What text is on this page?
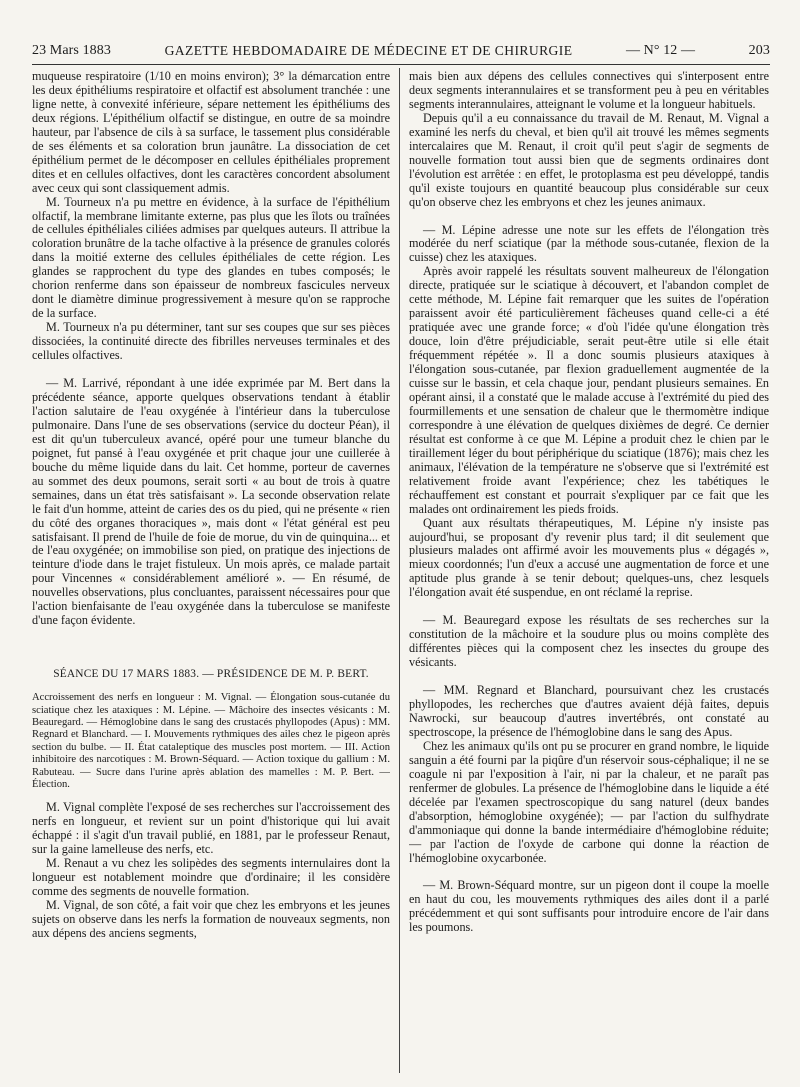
23 Mars 1883	GAZETTE HEBDOMADAIRE DE MÉDECINE ET DE CHIRURGIE	— N° 12 —	203

muqueuse respiratoire (1/10 en moins environ); 3° la démarcation entre les deux épithéliums respiratoire et olfactif est absolument tranchée : une ligne nette, à convexité inférieure, sépare nettement les épithéliums des deux régions. L'épithélium olfactif se distingue, en outre de sa moindre hauteur, par l'absence de cils à sa surface, le tassement plus considérable de ses éléments et sa coloration brun jaunâtre. La dissociation de cet épithélium permet de le décomposer en cellules épithéliales proprement dites et en cellules olfactives, dont les caractères concordent absolument avec ceux qui sont classiquement admis.

M. Tourneux n'a pu mettre en évidence, à la surface de l'épithélium olfactif, la membrane limitante externe, pas plus que les îlots ou traînées de cellules épithéliales ciliées admises par quelques auteurs. Il attribue la coloration brunâtre de la tache olfactive à la présence de granules colorés dans la moitié externe des cellules épithéliales de cette région. Les glandes se rapprochent du type des glandes en tubes composés; le chorion renferme dans son épaisseur de nombreux fascicules nerveux dont le diamètre diminue progressivement à mesure qu'on se rapproche de la surface.

M. Tourneux n'a pu déterminer, tant sur ses coupes que sur ses pièces dissociées, la continuité directe des fibrilles nerveuses terminales et des cellules olfactives.

— M. Larrivé, répondant à une idée exprimée par M. Bert dans la précédente séance, apporte quelques observations tendant à établir l'action salutaire de l'eau oxygénée à l'intérieur dans la tuberculose pulmonaire. Dans l'une de ses observations (service du docteur Péan), il est dit qu'un tuberculeux avancé, opéré pour une tumeur blanche du poignet, fut pansé à l'eau oxygénée et prit chaque jour une cuillerée à bouche du même liquide dans du lait. Cet homme, porteur de cavernes au sommet des deux poumons, serait sorti « au bout de trois à quatre semaines, dans un état très satisfaisant ». La seconde observation relate le fait d'un homme, atteint de caries des os du pied, qui ne présente « rien du côté des organes thoraciques », mais dont « l'état général est peu satisfaisant. Il prend de l'huile de foie de morue, du vin de quinquina... et de l'eau oxygénée; on immobilise son pied, on pratique des injections de teinture d'iode dans le trajet fistuleux. Un mois après, ce malade partait pour Vincennes « considérablement amélioré ». — En résumé, de nouvelles observations, plus concluantes, paraissent nécessaires pour que l'action bienfaisante de l'eau oxygénée dans la tuberculose se manifeste d'une façon évidente.

SÉANCE DU 17 MARS 1883. — PRÉSIDENCE DE M. P. BERT.

Accroissement des nerfs en longueur : M. Vignal. — Élongation sous-cutanée du sciatique chez les ataxiques : M. Lépine. — Mâchoire des insectes vésicants : M. Beauregard. — Hémoglobine dans le sang des crustacés phyllopodes (Apus) : MM. Regnard et Blanchard. — I. Mouvements rythmiques des ailes chez le pigeon après section du bulbe. — II. État cataleptique des muscles post mortem. — III. Action inhibitoire des narcotiques : M. Brown-Séquard. — Action toxique du gallium : M. Rabuteau. — Sucre dans l'urine après ablation des mamelles : M. P. Bert. — Élection.

M. Vignal complète l'exposé de ses recherches sur l'accroissement des nerfs en longueur, et revient sur un point d'historique qui lui avait échappé : il s'agit d'un travail publié, en 1881, par le professeur Renaut, sur la gaine lamelleuse des nerfs, etc.

M. Renaut a vu chez les solipèdes des segments internulaires dont la longueur est notablement moindre que d'ordinaire; il les considère comme des segments de nouvelle formation.

M. Vignal, de son côté, a fait voir que chez les embryons et les jeunes sujets on observe dans les nerfs la formation de nouveaux segments, non aux dépens des anciens segments,

mais bien aux dépens des cellules connectives qui s'interposent entre deux segments interannulaires et se transforment peu à peu en véritables segments interannulaires, atteignant le volume et la longueur habituels.

Depuis qu'il a eu connaissance du travail de M. Renaut, M. Vignal a examiné les nerfs du cheval, et bien qu'il ait trouvé les mêmes segments intercalaires que M. Renaut, il croit qu'il peut s'agir de segments de nouvelle formation tout aussi bien que de segments ordinaires dont l'évolution est arrêtée : en effet, le protoplasma est peu développé, tandis qu'il existe toujours en quantité beaucoup plus considérable sur ceux qu'on observe chez les embryons et chez les jeunes animaux.

— M. Lépine adresse une note sur les effets de l'élongation très modérée du nerf sciatique (par la méthode sous-cutanée, flexion de la cuisse) chez les ataxiques.

Après avoir rappelé les résultats souvent malheureux de l'élongation directe, pratiquée sur le sciatique à découvert, et l'abandon complet de cette méthode, M. Lépine fait remarquer que les suites de l'opération paraissent avoir été particulièrement fâcheuses quand celle-ci a été pratiquée avec une grande force; « d'où l'idée qu'une élongation très douce, loin d'être préjudiciable, serait peut-être utile si elle était fréquemment répétée ». Il a donc soumis plusieurs ataxiques à l'élongation sous-cutanée, par flexion graduellement augmentée de la cuisse sur le bassin, et cela chaque jour, pendant plusieurs semaines. En opérant ainsi, il a constaté que le malade accuse à l'extrémité du pied des fourmillements et une sensation de chaleur que le thermomètre indique correspondre à une élévation de quelques dixièmes de degré. Ce dernier résultat est conforme à ce que M. Lépine a produit chez le chien par le tiraillement léger du bout périphérique du sciatique (1876); mais chez les animaux, l'élévation de la température ne s'observe que si l'extrémité est relativement froide avant l'expérience; chez les tabétiques le réchauffement est constant et pourrait s'expliquer par ce fait que les malades ont ordinairement les pieds froids.

Quant aux résultats thérapeutiques, M. Lépine n'y insiste pas aujourd'hui, se proposant d'y revenir plus tard; il dit seulement que plusieurs malades ont affirmé avoir les mouvements plus « dégagés », mieux coordonnés; l'un d'eux a accusé une augmentation de force et une aptitude plus grande à se tenir debout; quelques-uns, chez lesquels l'élongation avait été suspendue, en ont réclamé la reprise.

— M. Beauregard expose les résultats de ses recherches sur la constitution de la mâchoire et la soudure plus ou moins complète des différentes pièces qui la composent chez les insectes du groupe des vésicants.

— MM. Regnard et Blanchard, poursuivant chez les crustacés phyllopodes, les recherches que d'autres avaient déjà faites, depuis Nawrocki, sur beaucoup d'autres invertébrés, ont constaté au spectroscope, la présence de l'hémoglobine dans le sang des Apus.

Chez les animaux qu'ils ont pu se procurer en grand nombre, le liquide sanguin a été fourni par la piqûre d'un réservoir sous-céphalique; il ne se coagule ni par l'exposition à l'air, ni par la chaleur, et ne paraît pas renfermer de globules. La présence de l'hémoglobine dans le liquide a été décelée par l'examen spectroscopique du sang naturel (deux bandes d'absorption, hémoglobine oxygénée); — par l'action du sulfhydrate d'ammoniaque qui donne la bande intermédiaire d'hémoglobine réduite; — par l'action de l'oxyde de carbone qui donne la réaction de l'hémoglobine oxycarbonée.

— M. Brown-Séquard montre, sur un pigeon dont il coupe la moelle en haut du cou, les mouvements rythmiques des ailes dont il a parlé précédemment et qui sont suffisants pour introduire encore de l'air dans les poumons.
